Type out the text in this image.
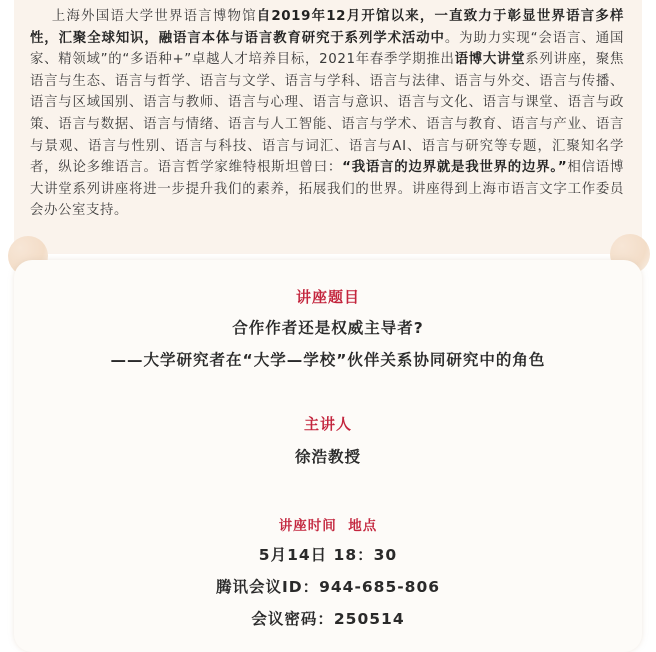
  上海外国语大学世界语言博物馆自2019年12月开馆以来，一直致力于彰显世界语言多样性，汇聚全球知识，融语言本体与语言教育研究于系列学术活动中。为助力实现“会语言、通国家、精领域”的“多语种+”卓越人才培养目标，2021年春季学期推出语博大讲堂系列讲座，聚焦语言与生态、语言与哲学、语言与文学、语言与学科、语言与法律、语言与外交、语言与传播、语言与区域国别、语言与教师、语言与心理、语言与意识、语言与文化、语言与课堂、语言与政策、语言与数据、语言与情绪、语言与人工智能、语言与学术、语言与教育、语言与产业、语言与景观、语言与性别、语言与科技、语言与词汇、语言与AI、语言与研究等专题，汇聚知名学者，纵论多维语言。语言哲学家维特根斯坦曾曰：“我语言的边界就是我世界的边界。”相信语博大讲堂系列讲座将进一步提升我们的素养，拓展我们的世界。讲座得到上海市语言文字工作委员会办公室支持。

讲座题目
合作作者还是权威主导者?
——大学研究者在“大学—学校”伙伴关系协同研究中的角色
主讲人
徐浩教授
讲座时间  地点
5月14日 18：30
腾讯会议ID：944-685-806
会议密码：250514
